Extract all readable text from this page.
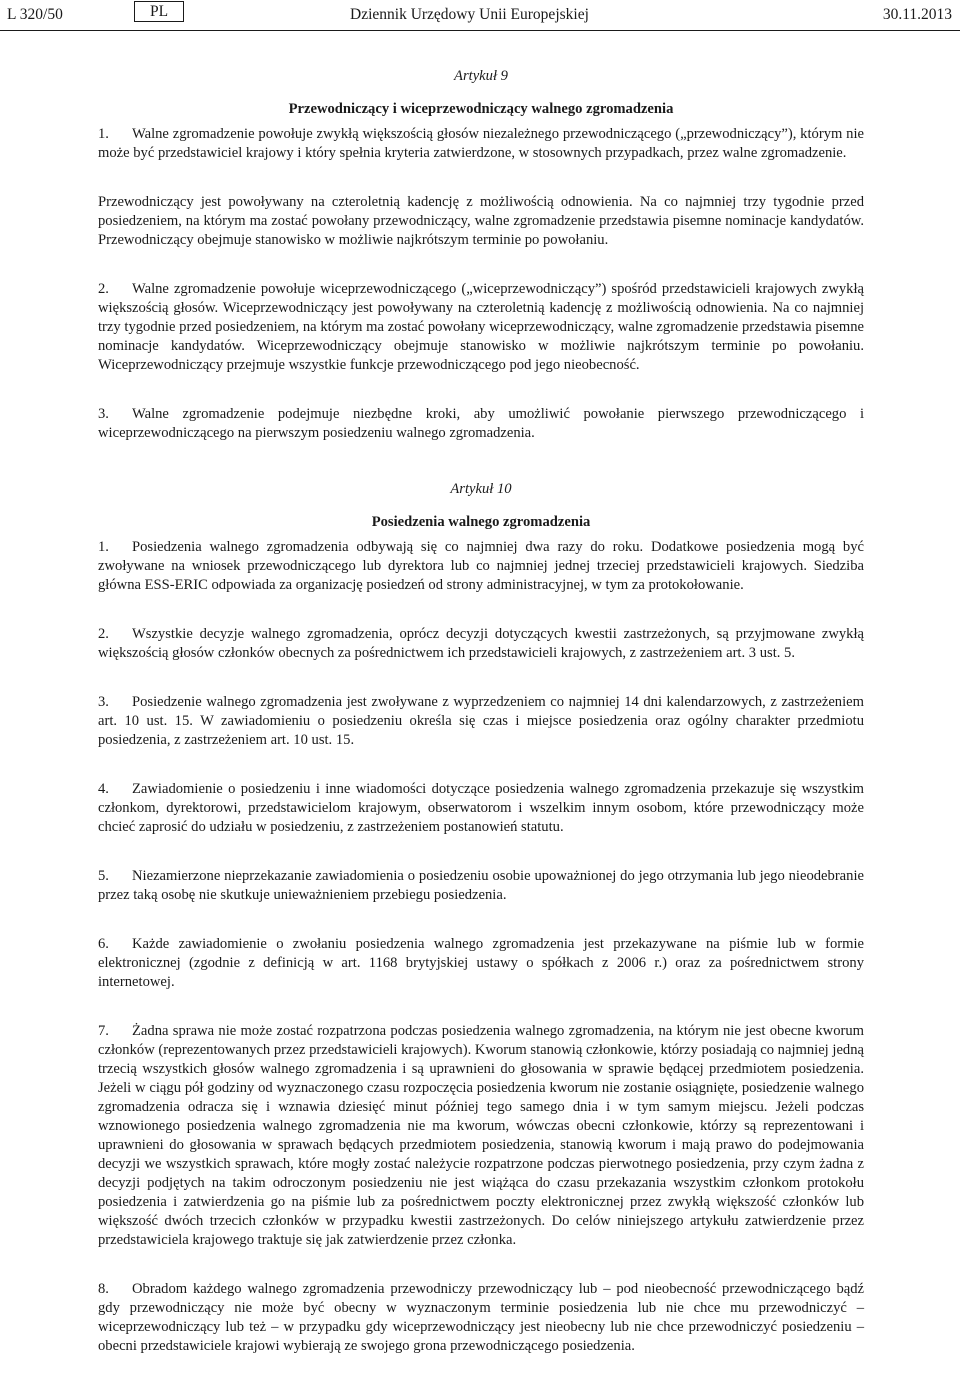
L 320/50	PL	Dziennik Urzędowy Unii Europejskiej	30.11.2013
Artykuł 9
Przewodniczący i wiceprzewodniczący walnego zgromadzenia

1. Walne zgromadzenie powołuje zwykłą większością głosów niezależnego przewodniczącego („przewodniczący”), którym nie może być przedstawiciel krajowy i który spełnia kryteria zatwierdzone, w stosownych przypadkach, przez walne zgromadzenie.

Przewodniczący jest powoływany na czteroletnią kadencję z możliwością odnowienia. Na co najmniej trzy tygodnie przed posiedzeniem, na którym ma zostać powołany przewodniczący, walne zgromadzenie przedstawia pisemne nominacje kandydatów. Przewodniczący obejmuje stanowisko w możliwie najkrótszym terminie po powołaniu.

2. Walne zgromadzenie powołuje wiceprzewodniczącego („wiceprzewodniczący”) spośród przedstawicieli krajowych zwykłą większością głosów. Wiceprzewodniczący jest powoływany na czteroletnią kadencję z możliwością odnowienia. Na co najmniej trzy tygodnie przed posiedzeniem, na którym ma zostać powołany wiceprzewodniczący, walne zgromadzenie przedstawia pisemne nominacje kandydatów. Wiceprzewodniczący obejmuje stanowisko w możliwie najkrótszym terminie po powołaniu. Wiceprzewodniczący przejmuje wszystkie funkcje przewodniczącego pod jego nieobecność.

3. Walne zgromadzenie podejmuje niezbędne kroki, aby umożliwić powołanie pierwszego przewodniczącego i wiceprzewodniczącego na pierwszym posiedzeniu walnego zgromadzenia.

Artykuł 10
Posiedzenia walnego zgromadzenia

1. Posiedzenia walnego zgromadzenia odbywają się co najmniej dwa razy do roku. Dodatkowe posiedzenia mogą być zwoływane na wniosek przewodniczącego lub dyrektora lub co najmniej jednej trzeciej przedstawicieli krajowych. Siedziba główna ESS-ERIC odpowiada za organizację posiedzeń od strony administracyjnej, w tym za protokołowanie.

2. Wszystkie decyzje walnego zgromadzenia, oprócz decyzji dotyczących kwestii zastrzeżonych, są przyjmowane zwykłą większością głosów członków obecnych za pośrednictwem ich przedstawicieli krajowych, z zastrzeżeniem art. 3 ust. 5.

3. Posiedzenie walnego zgromadzenia jest zwoływane z wyprzedzeniem co najmniej 14 dni kalendarzowych, z zastrzeżeniem art. 10 ust. 15. W zawiadomieniu o posiedzeniu określa się czas i miejsce posiedzenia oraz ogólny charakter przedmiotu posiedzenia, z zastrzeżeniem art. 10 ust. 15.

4. Zawiadomienie o posiedzeniu i inne wiadomości dotyczące posiedzenia walnego zgromadzenia przekazuje się wszystkim członkom, dyrektorowi, przedstawicielom krajowym, obserwatorom i wszelkim innym osobom, które przewodniczący może chcieć zaprosić do udziału w posiedzeniu, z zastrzeżeniem postanowień statutu.

5. Niezamierzone nieprzekazanie zawiadomienia o posiedzeniu osobie upoważnionej do jego otrzymania lub jego nieodebranie przez taką osobę nie skutkuje unieważnieniem przebiegu posiedzenia.

6. Każde zawiadomienie o zwołaniu posiedzenia walnego zgromadzenia jest przekazywane na piśmie lub w formie elektronicznej (zgodnie z definicją w art. 1168 brytyjskiej ustawy o spółkach z 2006 r.) oraz za pośrednictwem strony internetowej.

7. Żadna sprawa nie może zostać rozpatrzona podczas posiedzenia walnego zgromadzenia, na którym nie jest obecne kworum członków (reprezentowanych przez przedstawicieli krajowych). Kworum stanowią członkowie, którzy posiadają co najmniej jedną trzecią wszystkich głosów walnego zgromadzenia i są uprawnieni do głosowania w sprawie będącej przedmiotem posiedzenia. Jeżeli w ciągu pół godziny od wyznaczonego czasu rozpoczęcia posiedzenia kworum nie zostanie osiągnięte, posiedzenie walnego zgromadzenia odracza się i wznawia dziesięć minut później tego samego dnia i w tym samym miejscu. Jeżeli podczas wznowionego posiedzenia walnego zgromadzenia nie ma kworum, wówczas obecni członkowie, którzy są reprezentowani i uprawnieni do głosowania w sprawach będących przedmiotem posiedzenia, stanowią kworum i mają prawo do podejmowania decyzji we wszystkich sprawach, które mogły zostać należycie rozpatrzone podczas pierwotnego posiedzenia, przy czym żadna z decyzji podjętych na takim odroczonym posiedzeniu nie jest wiążąca do czasu przekazania wszystkim członkom protokołu posiedzenia i zatwierdzenia go na piśmie lub za pośrednictwem poczty elektronicznej przez zwykłą większość członków lub większość dwóch trzecich członków w przypadku kwestii zastrzeżonych. Do celów niniejszego artykułu zatwierdzenie przez przedstawiciela krajowego traktuje się jak zatwierdzenie przez członka.

8. Obradom każdego walnego zgromadzenia przewodniczy przewodniczący lub – pod nieobecność przewodniczącego bądź gdy przewodniczący nie może być obecny w wyznaczonym terminie posiedzenia lub nie chce mu przewodniczyć – wiceprzewodniczący lub też – w przypadku gdy wiceprzewodniczący jest nieobecny lub nie chce przewodniczyć posiedzeniu – obecni przedstawiciele krajowi wybierają ze swojego grona przewodniczącego posiedzenia.
